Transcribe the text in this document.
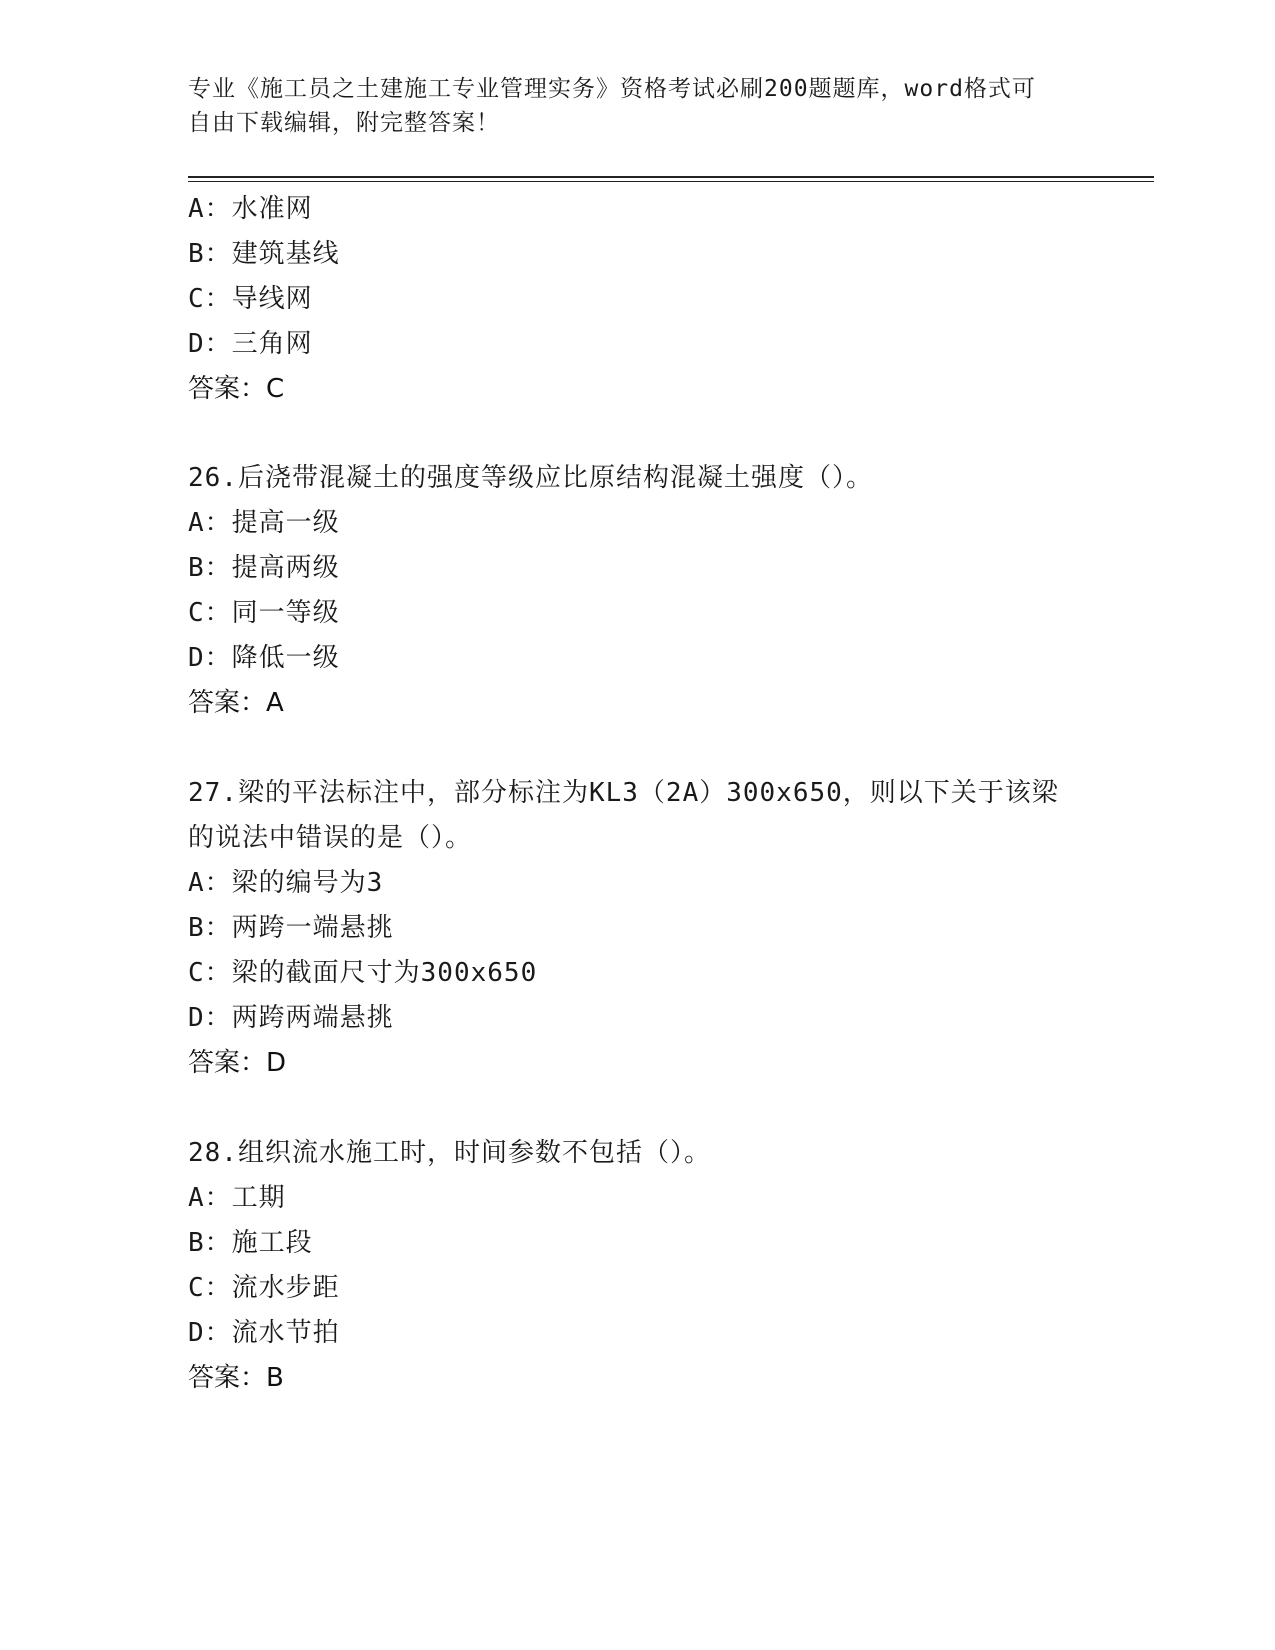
专业《施工员之土建施工专业管理实务》资格考试必刷200题题库，word格式可
自由下载编辑，附完整答案！
A：水准网
B：建筑基线
C：导线网
D：三角网
答案：C
26.后浇带混凝土的强度等级应比原结构混凝土强度（）。
A：提高一级
B：提高两级
C：同一等级
D：降低一级
答案：A
27.梁的平法标注中，部分标注为KL3（2A）300x650，则以下关于该梁
的说法中错误的是（）。
A：梁的编号为3
B：两跨一端悬挑
C：梁的截面尺寸为300x650
D：两跨两端悬挑
答案：D
28.组织流水施工时，时间参数不包括（）。
A：工期
B：施工段
C：流水步距
D：流水节拍
答案：B
